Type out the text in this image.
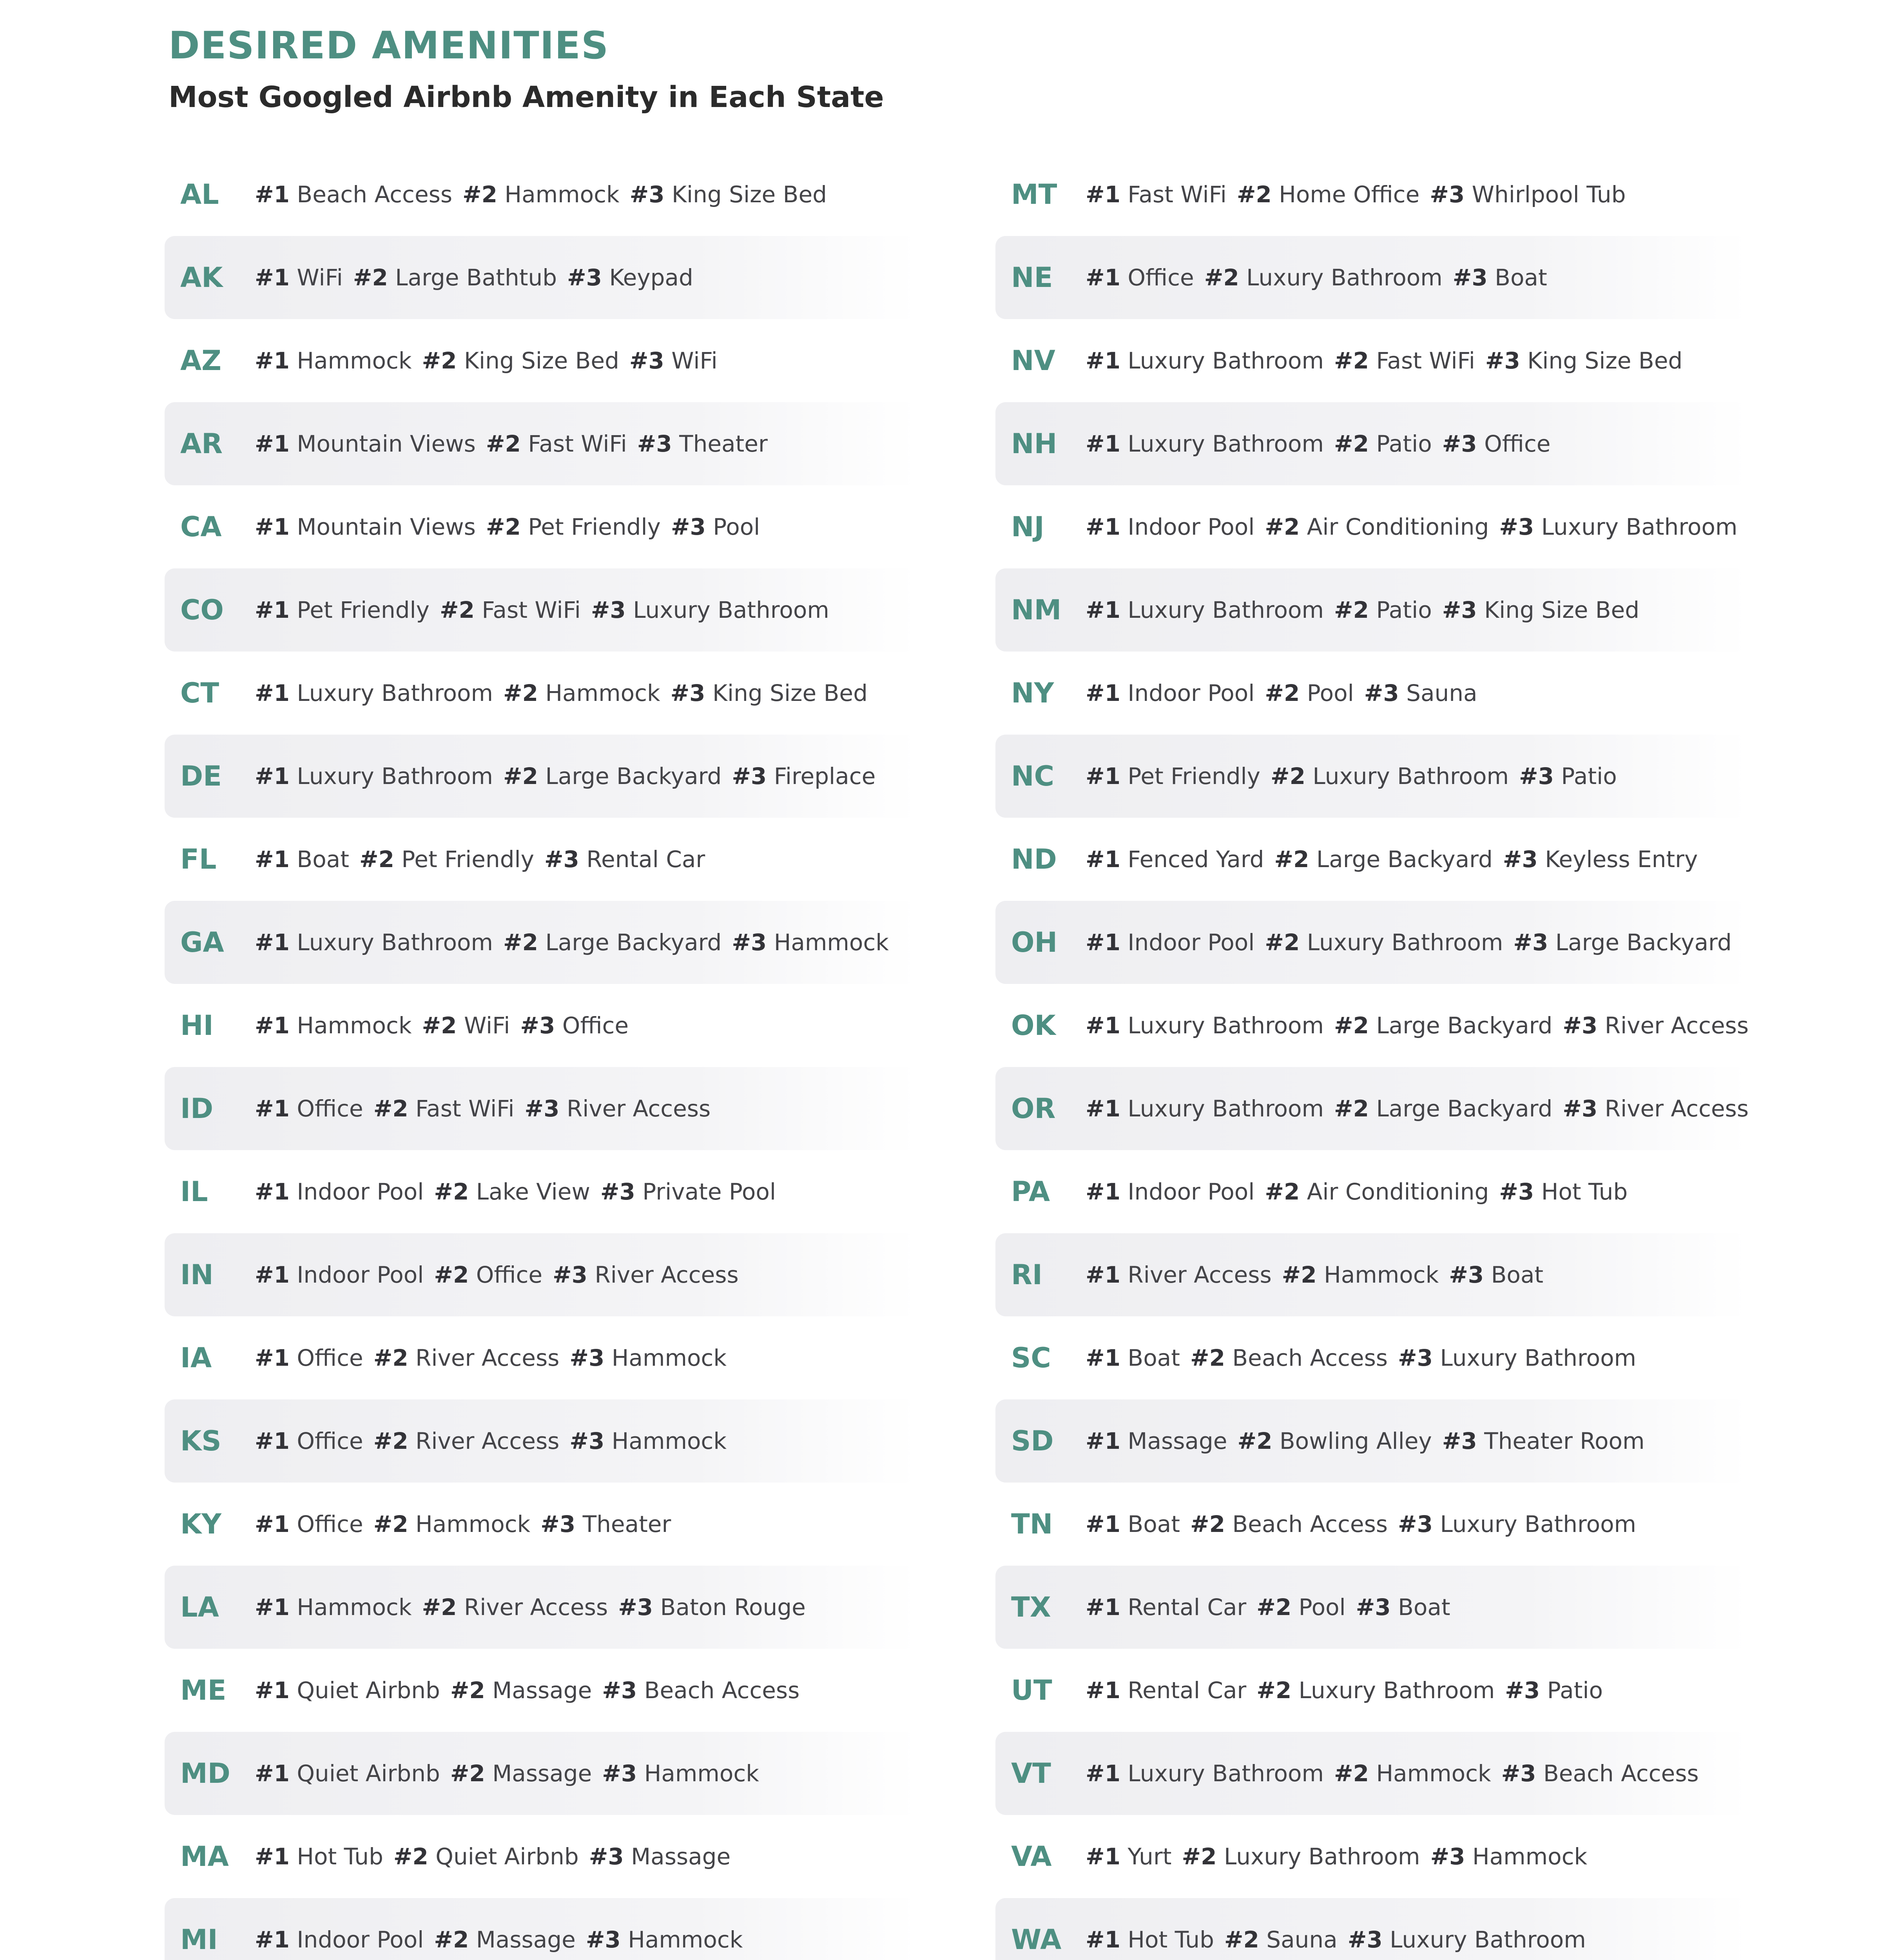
DESIRED AMENITIES
Most Googled Airbnb Amenity in Each State
AL	#1 Beach Access #2 Hammock #3 King Size Bed
AK	#1 WiFi #2 Large Bathtub #3 Keypad
AZ	#1 Hammock #2 King Size Bed #3 WiFi
AR	#1 Mountain Views #2 Fast WiFi #3 Theater
CA	#1 Mountain Views #2 Pet Friendly #3 Pool
CO	#1 Pet Friendly #2 Fast WiFi #3 Luxury Bathroom
CT	#1 Luxury Bathroom #2 Hammock #3 King Size Bed
DE	#1 Luxury Bathroom #2 Large Backyard #3 Fireplace
FL	#1 Boat #2 Pet Friendly #3 Rental Car
GA	#1 Luxury Bathroom #2 Large Backyard #3 Hammock
HI	#1 Hammock #2 WiFi #3 Office
ID	#1 Office #2 Fast WiFi #3 River Access
IL	#1 Indoor Pool #2 Lake View #3 Private Pool
IN	#1 Indoor Pool #2 Office #3 River Access
IA	#1 Office #2 River Access #3 Hammock
KS	#1 Office #2 River Access #3 Hammock
KY	#1 Office #2 Hammock #3 Theater
LA	#1 Hammock #2 River Access #3 Baton Rouge
ME	#1 Quiet Airbnb #2 Massage #3 Beach Access
MD	#1 Quiet Airbnb #2 Massage #3 Hammock
MA	#1 Hot Tub #2 Quiet Airbnb #3 Massage
MI	#1 Indoor Pool #2 Massage #3 Hammock
MT	#1 Fast WiFi #2 Home Office #3 Whirlpool Tub
NE	#1 Office #2 Luxury Bathroom #3 Boat
NV	#1 Luxury Bathroom #2 Fast WiFi #3 King Size Bed
NH	#1 Luxury Bathroom #2 Patio #3 Office
NJ	#1 Indoor Pool #2 Air Conditioning #3 Luxury Bathroom
NM	#1 Luxury Bathroom #2 Patio #3 King Size Bed
NY	#1 Indoor Pool #2 Pool #3 Sauna
NC	#1 Pet Friendly #2 Luxury Bathroom #3 Patio
ND	#1 Fenced Yard #2 Large Backyard #3 Keyless Entry
OH	#1 Indoor Pool #2 Luxury Bathroom #3 Large Backyard
OK	#1 Luxury Bathroom #2 Large Backyard #3 River Access
OR	#1 Luxury Bathroom #2 Large Backyard #3 River Access
PA	#1 Indoor Pool #2 Air Conditioning #3 Hot Tub
RI	#1 River Access #2 Hammock #3 Boat
SC	#1 Boat #2 Beach Access #3 Luxury Bathroom
SD	#1 Massage #2 Bowling Alley #3 Theater Room
TN	#1 Boat #2 Beach Access #3 Luxury Bathroom
TX	#1 Rental Car #2 Pool #3 Boat
UT	#1 Rental Car #2 Luxury Bathroom #3 Patio
VT	#1 Luxury Bathroom #2 Hammock #3 Beach Access
VA	#1 Yurt #2 Luxury Bathroom #3 Hammock
WA	#1 Hot Tub #2 Sauna #3 Luxury Bathroom
